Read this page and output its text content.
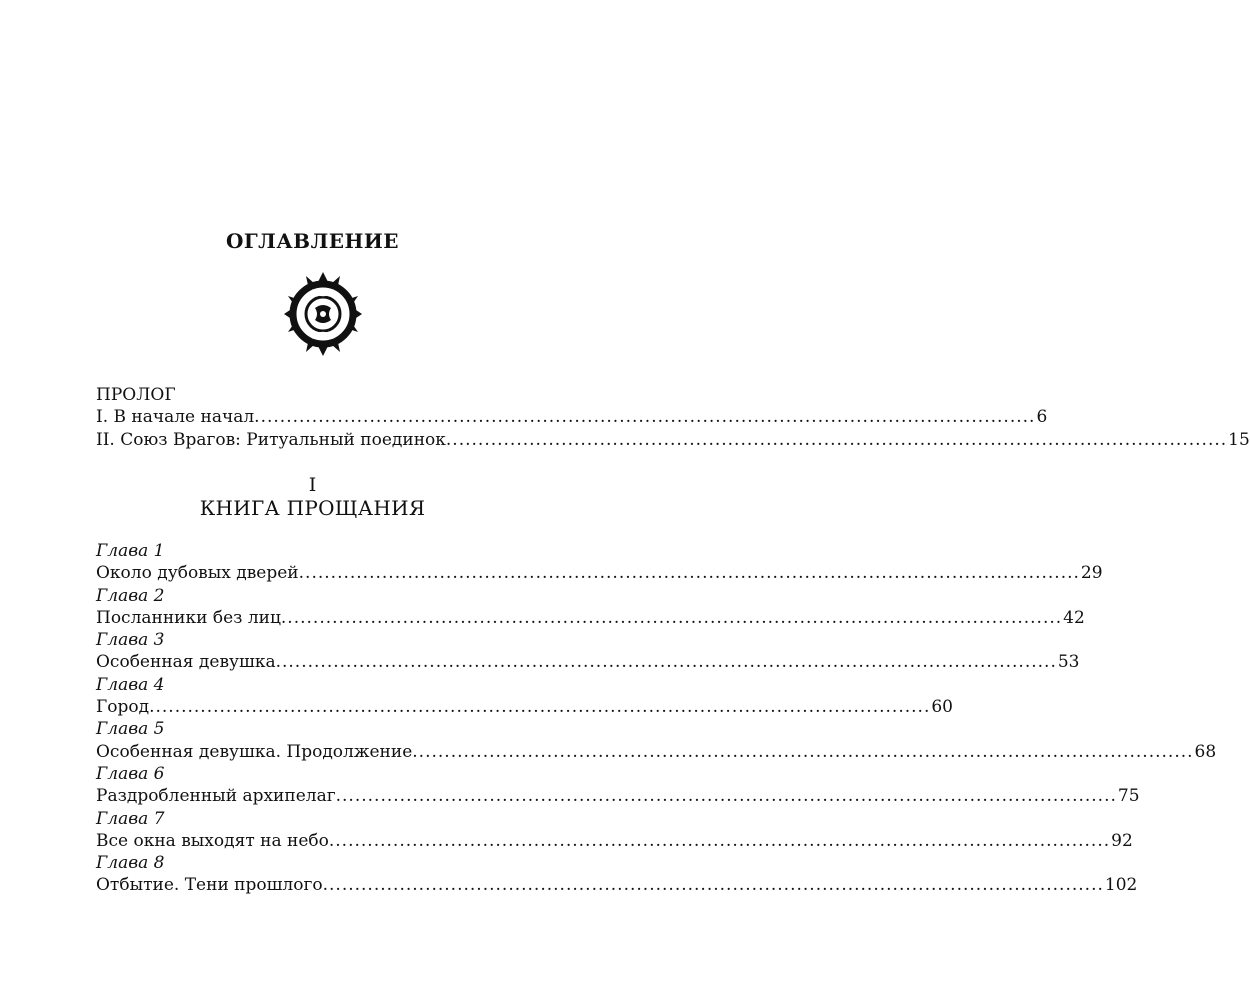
ОГЛАВЛЕНИЕ
ПРОЛОГ
I. В начале начал .......................................................................................................................... 6
II. Союз Врагов: Ритуальный поединок .......................................................................................................................... 15
I
КНИГА ПРОЩАНИЯ
Глава 1
Около дубовых дверей .......................................................................................................................... 29
Глава 2
Посланники без лиц .......................................................................................................................... 42
Глава 3
Особенная девушка .......................................................................................................................... 53
Глава 4
Город .......................................................................................................................... 60
Глава 5
Особенная девушка. Продолжение .......................................................................................................................... 68
Глава 6
Раздробленный архипелаг .......................................................................................................................... 75
Глава 7
Все окна выходят на небо .......................................................................................................................... 92
Глава 8
Отбытие. Тени прошлого .......................................................................................................................... 102
